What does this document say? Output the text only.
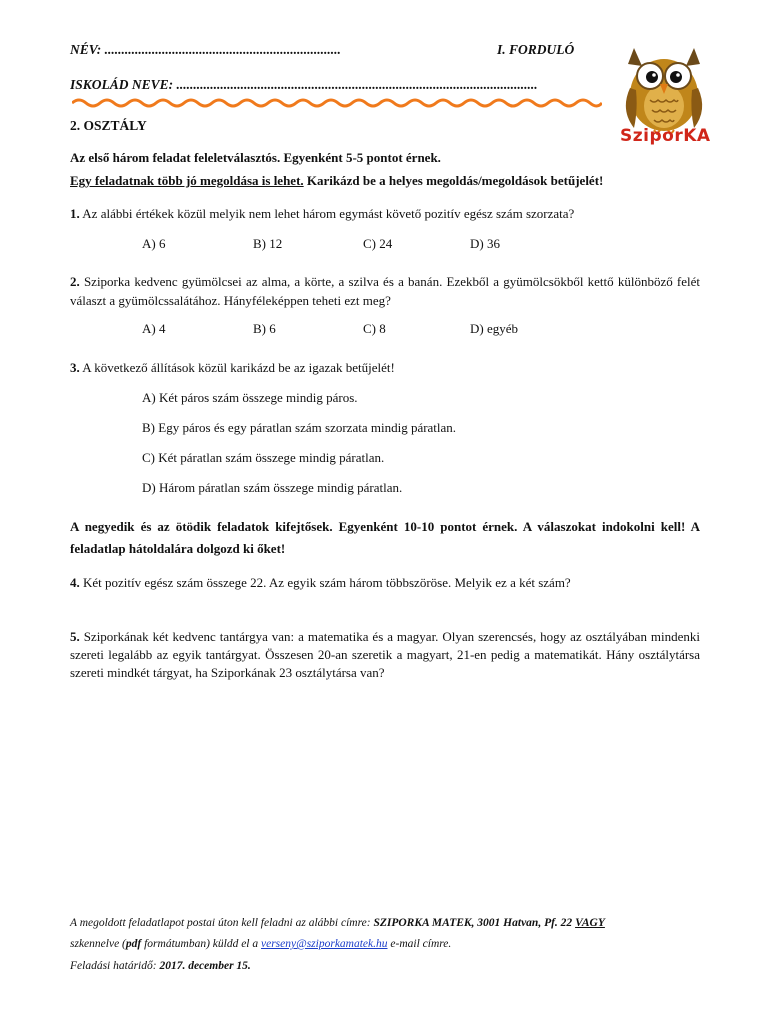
NÉV: ......................................................................	I. FORDULÓ
ISKOLÁD NEVE: ...........................................................................................................
SziporKA
2. OSZTÁLY
Az első három feladat feleletválasztós. Egyenként 5-5 pontot érnek.
Egy feladatnak több jó megoldása is lehet. Karikázd be a helyes megoldás/megoldások betűjelét!
1. Az alábbi értékek közül melyik nem lehet három egymást követő pozitív egész szám szorzata?
A) 6	B) 12	C) 24	D) 36
2. Sziporka kedvenc gyümölcsei az alma, a körte, a szilva és a banán. Ezekből a gyümölcsökből kettő különböző felét választ a gyümölcssalátához. Hányféleképpen teheti ezt meg?
A) 4	B) 6	C) 8	D) egyéb
3. A következő állítások közül karikázd be az igazak betűjelét!
A) Két páros szám összege mindig páros.
B) Egy páros és egy páratlan szám szorzata mindig páratlan.
C) Két páratlan szám összege mindig páratlan.
D) Három páratlan szám összege mindig páratlan.
A negyedik és az ötödik feladatok kifejtősek. Egyenként 10-10 pontot érnek. A válaszokat indokolni kell! A feladatlap hátoldalára dolgozd ki őket!
4. Két pozitív egész szám összege 22. Az egyik szám három többszöröse. Melyik ez a két szám?
5. Sziporkának két kedvenc tantárgya van: a matematika és a magyar. Olyan szerencsés, hogy az osztályában mindenki szereti legalább az egyik tantárgyat. Összesen 20-an szeretik a magyart, 21-en pedig a matematikát. Hány osztálytársa szereti mindkét tárgyat, ha Sziporkának 23 osztálytársa van?
A megoldott feladatlapot postai úton kell feladni az alábbi címre: SZIPORKA MATEK, 3001 Hatvan, Pf. 22 VAGY
szkennelve (pdf formátumban) küldd el a verseny@sziporkamatek.hu e-mail címre.
Feladási határidő: 2017. december 15.
